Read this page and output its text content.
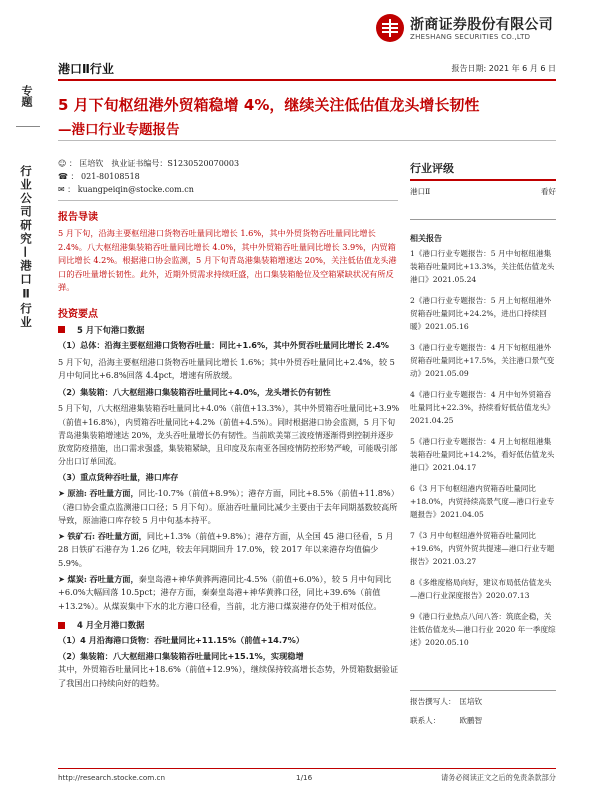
浙商证券股份有限公司
ZHESHANG SECURITIES CO.,LTD
港口Ⅱ行业	报告日期: 2021 年 6 月 6 日
专题
行业公司研究—港口Ⅱ行业
5 月下旬枢纽港外贸箱稳增 4%，继续关注低估值龙头增长韧性
—港口行业专题报告
☺ ： 匡培钦　执业证书编号：S1230520070003
☎ ： 021-80108518
✉ ： kuangpeiqin@stocke.com.cn
报告导读
5 月下旬，沿海主要枢纽港口货物吞吐量同比增长 1.6%，其中外贸货物吞吐量同比增长 2.4%。八大枢纽港集装箱吞吐量同比增长 4.0%，其中外贸箱吞吐量同比增长 3.9%，内贸箱同比增长 4.2%。根据港口协会监测，5 月下旬青岛港集装箱增速达 20%，关注低估值龙头港口的吞吐量增长韧性。此外，近期外贸需求持续旺盛，出口集装箱舱位及空箱紧缺状况有所反弹。
投资要点
5 月下旬港口数据
（1）总体：沿海主要枢纽港口货物吞吐量：同比+1.6%，其中外贸吞吐量同比增长 2.4%
5 月下旬，沿海主要枢纽港口货物吞吐量同比增长 1.6%；其中外贸吞吐量同比+2.4%，较 5 月中旬同比+6.8%回落 4.4pct，增速有所放缓。
（2）集装箱：八大枢纽港口集装箱吞吐量同比+4.0%，龙头增长仍有韧性
5 月下旬，八大枢纽港集装箱吞吐量同比+4.0%（前值+13.3%），其中外贸箱吞吐量同比+3.9%（前值+16.8%），内贸箱吞吐量同比+4.2%（前值+4.5%）。同时根据港口协会监测，5 月下旬青岛港集装箱增速达 20%，龙头吞吐量增长仍有韧性。当前欧美第三波疫情逐渐得到控制并逐步放宽防疫措施，出口需求强盛，集装箱紧缺，且印度及东南亚各国疫情防控形势严峻，可能吸引部分出口订单回流。
（3）重点货种吞吐量，港口库存
➤ 原油: 吞吐量方面，同比-10.7%（前值+8.9%）；港存方面，同比+8.5%（前值+11.8%）（港口协会重点监测港口口径；5 月下旬）。原油吞吐量同比减少主要由于去年同期基数较高所导致，原油港口库存较 5 月中旬基本持平。
➤ 铁矿石: 吞吐量方面，同比+1.3%（前值+9.8%）；港存方面，从全国 45 港口径看，5 月 28 日铁矿石港存为 1.26 亿吨，较去年同期回升 17.0%，较 2017 年以来港存均值偏少 5.9%。
➤ 煤炭: 吞吐量方面，秦皇岛港+神华黄骅两港同比-4.5%（前值+6.0%），较 5 月中旬同比+6.0%大幅回落 10.5pct；港存方面，秦秦皇岛港+神华黄骅口径，同比+39.6%（前值+13.2%）。从煤炭集中下水的北方港口径看，当前，北方港口煤炭港存仍处于相对低位。
4 月全月港口数据
（1）4 月沿海港口货物：吞吐量同比+11.15%（前值+14.7%）
（2）集装箱：八大枢纽港口集装箱吞吐量同比+15.1%，实现稳增
其中，外贸箱吞吐量同比+18.6%（前值+12.9%），继续保持较高增长态势，外贸箱数据验证了我国出口持续向好的趋势。
行业评级
港口Ⅱ	看好
相关报告
1《港口行业专题报告：5 月中旬枢纽港集装箱吞吐量同比+13.3%，关注低估值龙头港口》2021.05.24
2《港口行业专题报告：5 月上旬枢纽港外贸箱吞吐量同比+24.2%，进出口持续回暖》2021.05.16
3《港口行业专题报告：4 月下旬枢纽港外贸箱吞吐量同比+17.5%，关注港口景气变动》2021.05.09
4《港口行业专题报告：4 月中旬外贸箱吞吐量同比+22.3%，持续看好低估值龙头》2021.04.25
5《港口行业专题报告：4 月上旬枢纽港集装箱吞吐量同比+14.2%，看好低估值龙头港口》2021.04.17
6《3 月下旬枢纽港内贸箱吞吐量同比+18.0%，内贸持续高景气度—港口行业专题报告》2021.04.05
7《3 月中旬枢纽港外贸箱吞吐量同比+19.6%，内贸外贸共提速—港口行业专题报告》2021.03.27
8《多维度格局向好，建议布局低估值龙头—港口行业深度报告》2020.07.13
9《港口行业热点八问八答：筑底企稳，关注低估值龙头—港口行业 2020 年一季度综述》2020.05.10
报告撰写人：　匡培钦
联系人：　　　欧鹏智
http://research.stocke.com.cn	1/16	请务必阅读正文之后的免责条款部分
